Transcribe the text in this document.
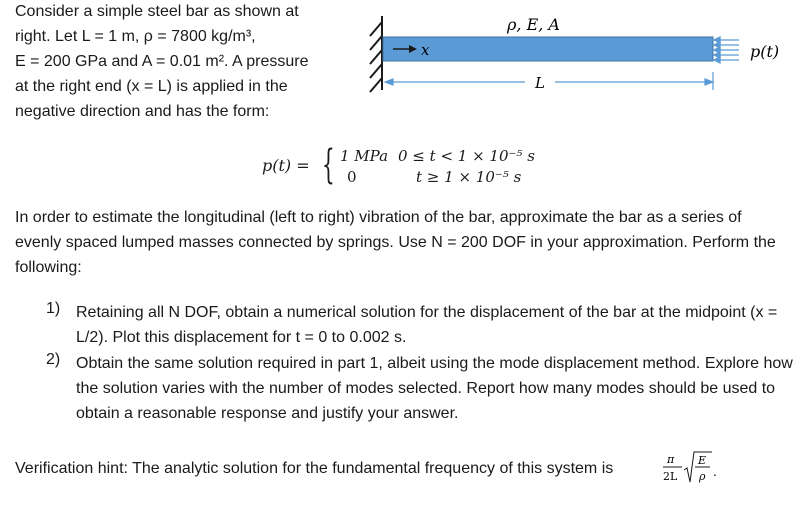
Consider a simple steel bar as shown at
right. Let L = 1 m, ρ = 7800 kg/m³,
E = 200 GPa and A = 0.01 m². A pressure
at the right end (x = L) is applied in the
negative direction and has the form:
x
ρ, E, A
p(t)
L
p(t) = { 1 MPa 0 ≤ t < 1 × 10⁻⁵ s
0	t ≥ 1 × 10⁻⁵ s
In order to estimate the longitudinal (left to right) vibration of the bar, approximate the bar as a series of evenly spaced lumped masses connected by springs. Use N = 200 DOF in your approximation. Perform the following:
1) Retaining all N DOF, obtain a numerical solution for the displacement of the bar at the midpoint (x = L/2). Plot this displacement for t = 0 to 0.002 s.
2) Obtain the same solution required in part 1, albeit using the mode displacement method. Explore how the solution varies with the number of modes selected. Report how many modes should be used to obtain a reasonable response and justify your answer.
Verification hint: The analytic solution for the fundamental frequency of this system is
π
2L
E
ρ .
